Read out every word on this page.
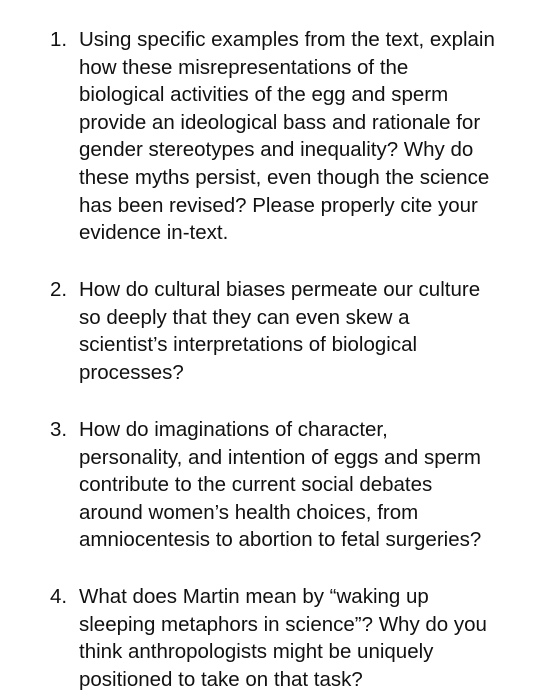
1. Using specific examples from the text, explain
how these misrepresentations of the
biological activities of the egg and sperm
provide an ideological bass and rationale for
gender stereotypes and inequality? Why do
these myths persist, even though the science
has been revised? Please properly cite your
evidence in-text.
2. How do cultural biases permeate our culture
so deeply that they can even skew a
scientist’s interpretations of biological
processes?
3. How do imaginations of character,
personality, and intention of eggs and sperm
contribute to the current social debates
around women’s health choices, from
amniocentesis to abortion to fetal surgeries?
4. What does Martin mean by “waking up
sleeping metaphors in science”? Why do you
think anthropologists might be uniquely
positioned to take on that task?
